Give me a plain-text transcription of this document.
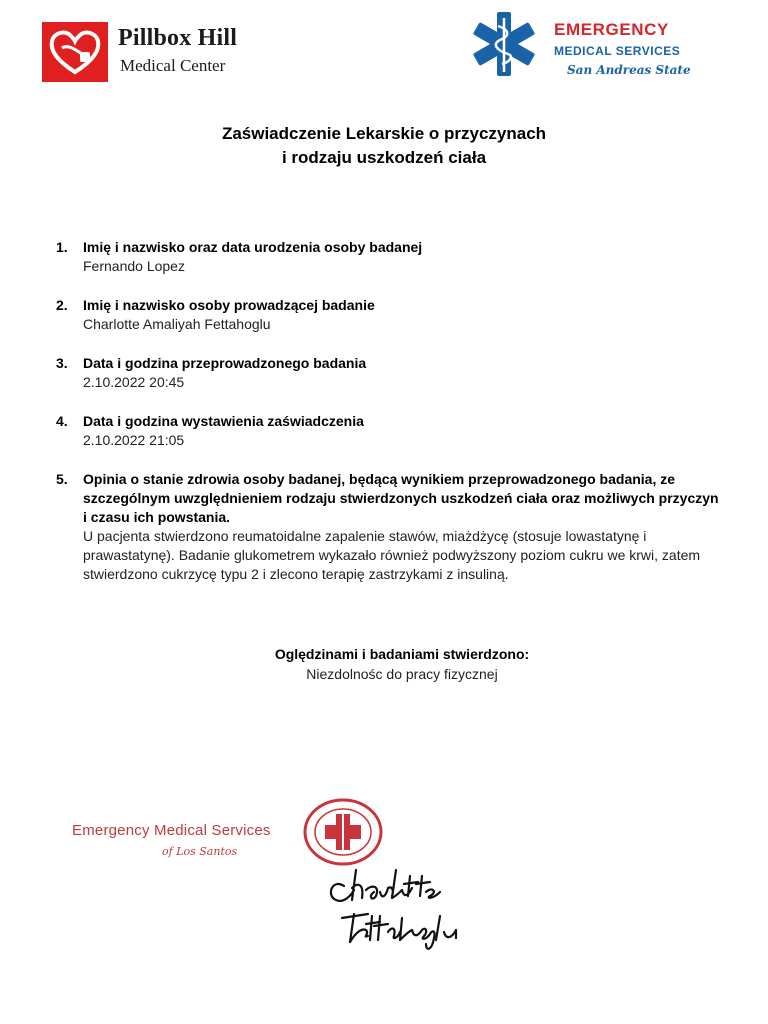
Pillbox Hill
Medical Center
EMERGENCY
MEDICAL SERVICES
San Andreas State
Zaświadczenie Lekarskie o przyczynach
i rodzaju uszkodzeń ciała
1. Imię i nazwisko oraz data urodzenia osoby badanej
Fernando Lopez
2. Imię i nazwisko osoby prowadzącej badanie
Charlotte Amaliyah Fettahoglu
3. Data i godzina przeprowadzonego badania
2.10.2022 20:45
4. Data i godzina wystawienia zaświadczenia
2.10.2022 21:05
5. Opinia o stanie zdrowia osoby badanej, będącą wynikiem przeprowadzonego badania, ze szczególnym uwzględnieniem rodzaju stwierdzonych uszkodzeń ciała oraz możliwych przyczyn i czasu ich powstania.
U pacjenta stwierdzono reumatoidalne zapalenie stawów, miażdżycę (stosuje lowastatynę i prawastatynę). Badanie glukometrem wykazało również podwyższony poziom cukru we krwi, zatem stwierdzono cukrzycę typu 2 i zlecono terapię zastrzykami z insuliną.
Oględzinami i badaniami stwierdzono:
Niezdolnośc do pracy fizycznej
Emergency Medical Services
of Los Santos
